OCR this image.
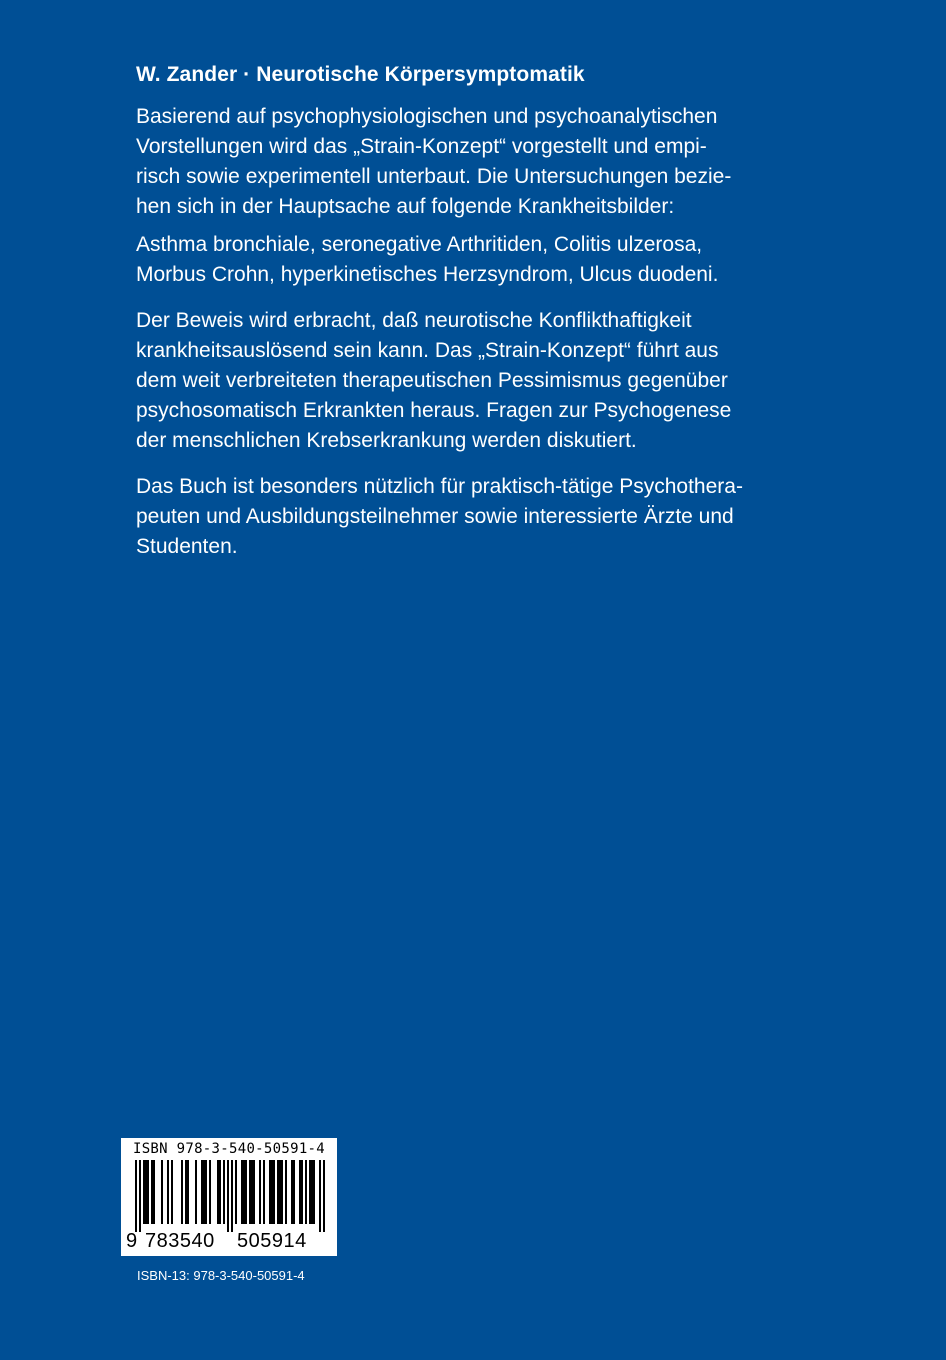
W. Zander · Neurotische Körpersymptomatik

Basierend auf psychophysiologischen und psychoanalytischen

Vorstellungen wird das „Strain-Konzept“ vorgestellt und empi-

risch sowie experimentell unterbaut. Die Untersuchungen bezie-

hen sich in der Hauptsache auf folgende Krankheitsbilder:

Asthma bronchiale, seronegative Arthritiden, Colitis ulzerosa,

Morbus Crohn, hyperkinetisches Herzsyndrom, Ulcus duodeni.

Der Beweis wird erbracht, daß neurotische Konflikthaftigkeit

krankheitsauslösend sein kann. Das „Strain-Konzept“ führt aus

dem weit verbreiteten therapeutischen Pessimismus gegenüber

psychosomatisch Erkrankten heraus. Fragen zur Psychogenese

der menschlichen Krebserkrankung werden diskutiert.

Das Buch ist besonders nützlich für praktisch-tätige Psychothera-

peuten und Ausbildungsteilnehmer sowie interessierte Ärzte und

Studenten.

ISBN 978-3-540-50591-4
9 783540 505914
ISBN-13: 978-3-540-50591-4
